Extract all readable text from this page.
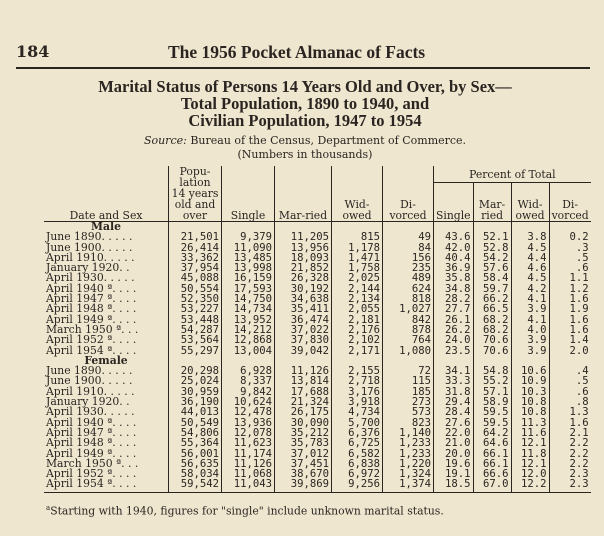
184	The 1956 Pocket Almanac of Facts
Marital Status of Persons 14 Years Old and Over, by Sex—
Total Population, 1890 to 1940, and
Civilian Population, 1947 to 1954
Source: Bureau of the Census, Department of Commerce.
(Numbers in thousands)
Date and Sex	Popu-lation 14 years old and over	Single	Mar-ried	Wid-owed	Di-vorced	Percent of Total			
						Single	Mar-ried	Wid-owed	Di-vorced
Male									
June 1890. . . . .	21,501	9,379	11,205	815	49	43.6	52.1	3.8	0.2
June 1900. . . . .	26,414	11,090	13,956	1,178	84	42.0	52.8	4.5	.3
April 1910. . . . .	33,362	13,485	18,093	1,471	156	40.4	54.2	4.4	.5
January 1920. .	37,954	13,998	21,852	1,758	235	36.9	57.6	4.6	.6
April 1930. . . . .	45,088	16,159	26,328	2,025	489	35.8	58.4	4.5	1.1
April 1940 ª. . . .	50,554	17,593	30,192	2,144	624	34.8	59.7	4.2	1.2
April 1947 ª. . . .	52,350	14,750	34,638	2,134	818	28.2	66.2	4.1	1.6
April 1948 ª. . . .	53,227	14,734	35,411	2,055	1,027	27.7	66.5	3.9	1.9
April 1949 ª. . . .	53,448	13,952	36,474	2,181	842	26.1	68.2	4.1	1.6
March 1950 ª. . .	54,287	14,212	37,022	2,176	878	26.2	68.2	4.0	1.6
April 1952 ª. . . .	53,564	12,868	37,830	2,102	764	24.0	70.6	3.9	1.4
April 1954 ª. . . .	55,297	13,004	39,042	2,171	1,080	23.5	70.6	3.9	2.0
Female									
June 1890. . . . .	20,298	6,928	11,126	2,155	72	34.1	54.8	10.6	.4
June 1900. . . . .	25,024	8,337	13,814	2,718	115	33.3	55.2	10.9	.5
April 1910. . . . .	30,959	9,842	17,688	3,176	185	31.8	57.1	10.3	.6
January 1920. .	36,190	10,624	21,324	3,918	273	29.4	58.9	10.8	.8
April 1930. . . . .	44,013	12,478	26,175	4,734	573	28.4	59.5	10.8	1.3
April 1940 ª. . . .	50,549	13,936	30,090	5,700	823	27.6	59.5	11.3	1.6
April 1947 ª. . . .	54,806	12,078	35,212	6,376	1,140	22.0	64.2	11.6	2.1
April 1948 ª. . . .	55,364	11,623	35,783	6,725	1,233	21.0	64.6	12.1	2.2
April 1949 ª. . . .	56,001	11,174	37,012	6,582	1,233	20.0	66.1	11.8	2.2
March 1950 ª. . .	56,635	11,126	37,451	6,838	1,220	19.6	66.1	12.1	2.2
April 1952 ª. . . .	58,034	11,068	38,670	6,972	1,324	19.1	66.6	12.0	2.3
April 1954 ª. . . .	59,542	11,043	39,869	9,256	1,374	18.5	67.0	12.2	2.3
$^a$Starting with 1940, figures for "single" include unknown marital status.
